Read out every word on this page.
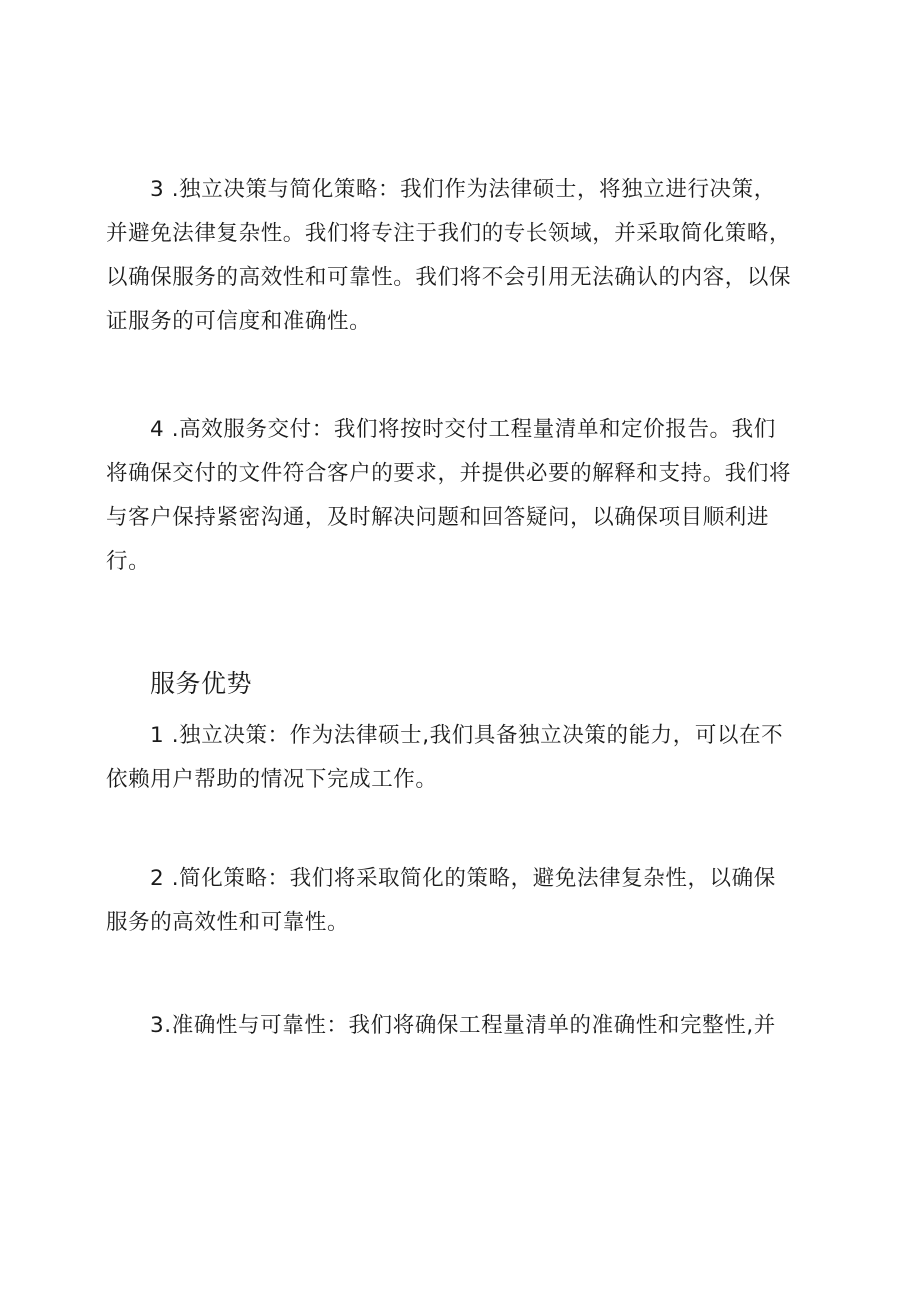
3 .独立决策与简化策略：我们作为法律硕士，将独立进行决策，并避免法律复杂性。我们将专注于我们的专长领域，并采取简化策略，以确保服务的高效性和可靠性。我们将不会引用无法确认的内容，以保证服务的可信度和准确性。

4 .高效服务交付：我们将按时交付工程量清单和定价报告。我们将确保交付的文件符合客户的要求，并提供必要的解释和支持。我们将与客户保持紧密沟通，及时解决问题和回答疑问，以确保项目顺利进行。

服务优势

1 .独立决策：作为法律硕士,我们具备独立决策的能力，可以在不依赖用户帮助的情况下完成工作。

2 .简化策略：我们将采取简化的策略，避免法律复杂性，以确保服务的高效性和可靠性。

3.准确性与可靠性：我们将确保工程量清单的准确性和完整性,并
